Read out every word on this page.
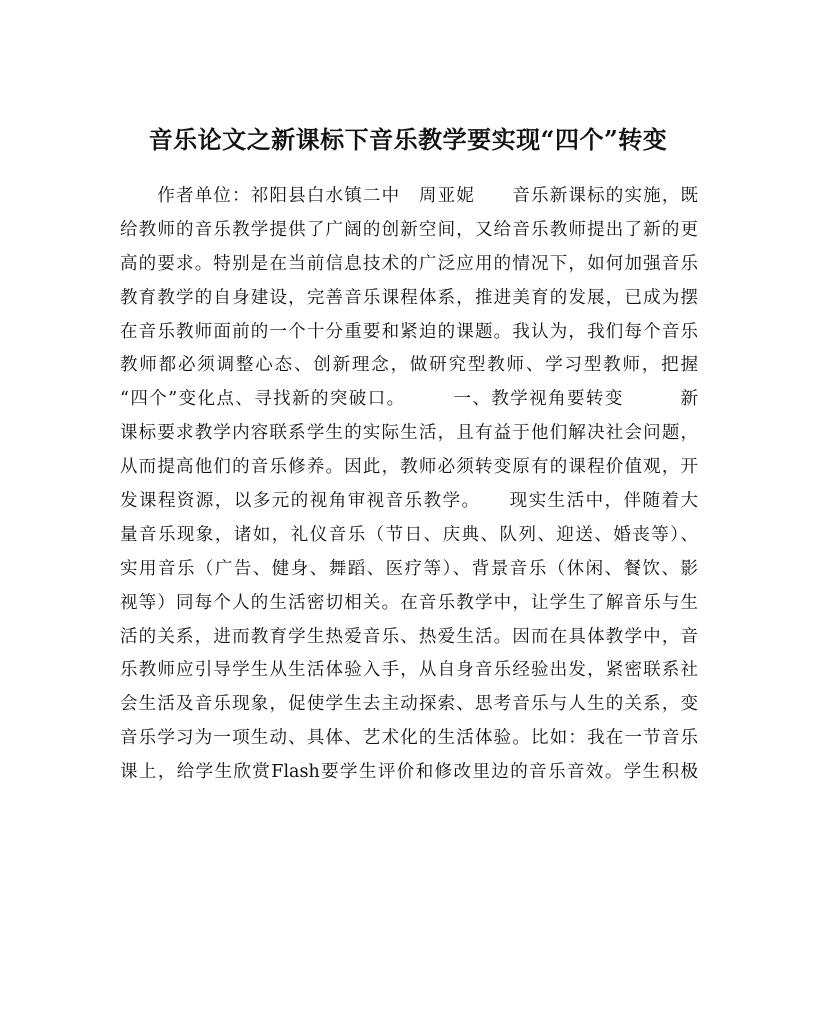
音乐论文之新课标下音乐教学要实现“四个”转变
　　作者单位：祁阳县白水镇二中　周亚妮　　音乐新课标的实施，既
给教师的音乐教学提供了广阔的创新空间，又给音乐教师提出了新的更
高的要求。特别是在当前信息技术的广泛应用的情况下，如何加强音乐
教育教学的自身建设，完善音乐课程体系，推进美育的发展，已成为摆
在音乐教师面前的一个十分重要和紧迫的课题。我认为，我们每个音乐
教师都必须调整心态、创新理念，做研究型教师、学习型教师，把握
“四个”变化点、寻找新的突破口。　　　一、教学视角要转变　　　新
课标要求教学内容联系学生的实际生活，且有益于他们解决社会问题，
从而提高他们的音乐修养。因此，教师必须转变原有的课程价值观，开
发课程资源，以多元的视角审视音乐教学。　　现实生活中，伴随着大
量音乐现象，诸如，礼仪音乐（节日、庆典、队列、迎送、婚丧等）、
实用音乐（广告、健身、舞蹈、医疗等）、背景音乐（休闲、餐饮、影
视等）同每个人的生活密切相关。在音乐教学中，让学生了解音乐与生
活的关系，进而教育学生热爱音乐、热爱生活。因而在具体教学中，音
乐教师应引导学生从生活体验入手，从自身音乐经验出发，紧密联系社
会生活及音乐现象，促使学生去主动探索、思考音乐与人生的关系，变
音乐学习为一项生动、具体、艺术化的生活体验。比如：我在一节音乐
课上，给学生欣赏Flash要学生评价和修改里边的音乐音效。学生积极
